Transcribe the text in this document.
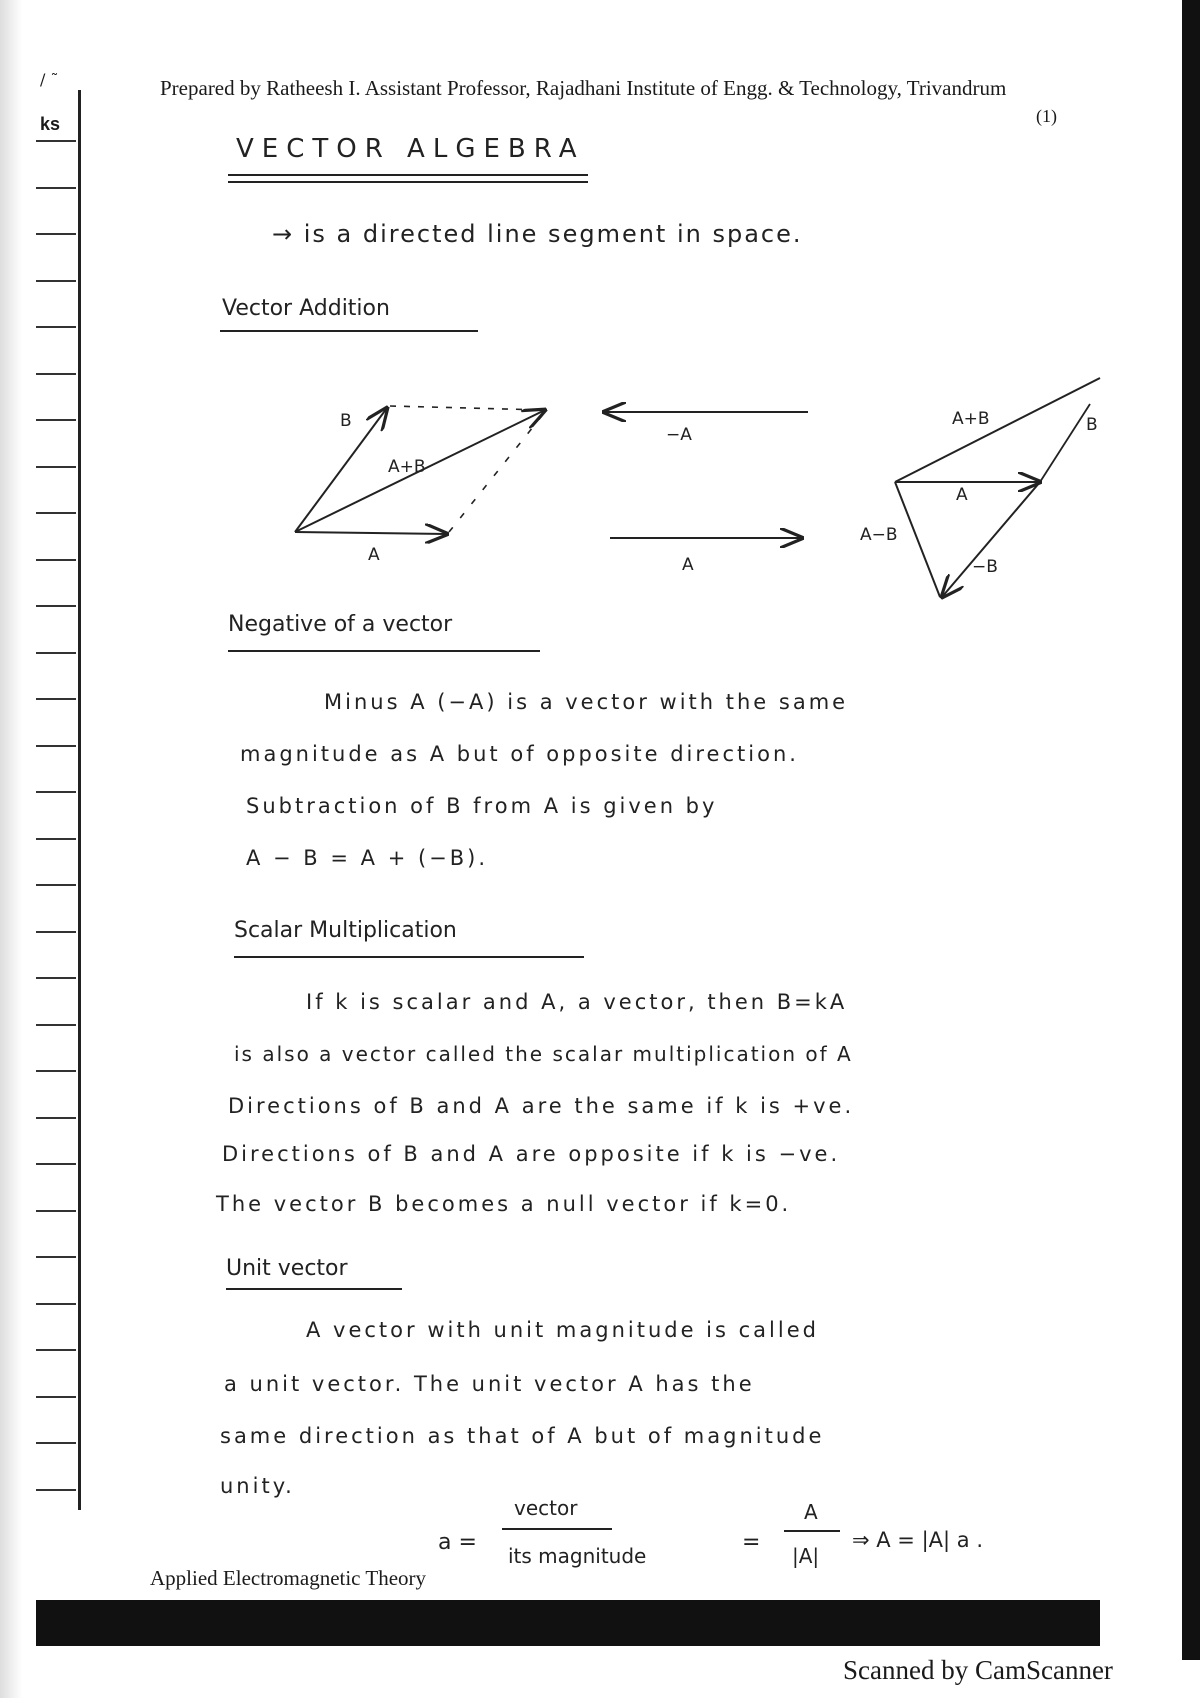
/ ˜
ks
Prepared by Ratheesh I. Assistant Professor, Rajadhani Institute of Engg. & Technology, Trivandrum
(1)
VECTOR ALGEBRA
→ is a directed line segment in space.
Vector Addition
B
A+B
A
−A
A
A+B	B
A
A−B
−B
Negative of a vector
Minus A (−A) is a vector with the same
magnitude as A but of opposite direction.
Subtraction of B from A is given by
A − B = A + (−B).
Scalar Multiplication
If k is scalar and A, a vector, then B=kA
is also a vector called the scalar multiplication of A
Directions of B and A are the same if k is +ve.
Directions of B and A are opposite if k is −ve.
The vector B becomes a null vector if k=0.
Unit vector
A vector with unit magnitude is called
a unit vector. The unit vector A has the
same direction as that of A but of magnitude
unity.
a =
vector
its magnitude
=
A
|A|
⇒ A = |A| a .
Applied Electromagnetic Theory
Scanned by CamScanner
